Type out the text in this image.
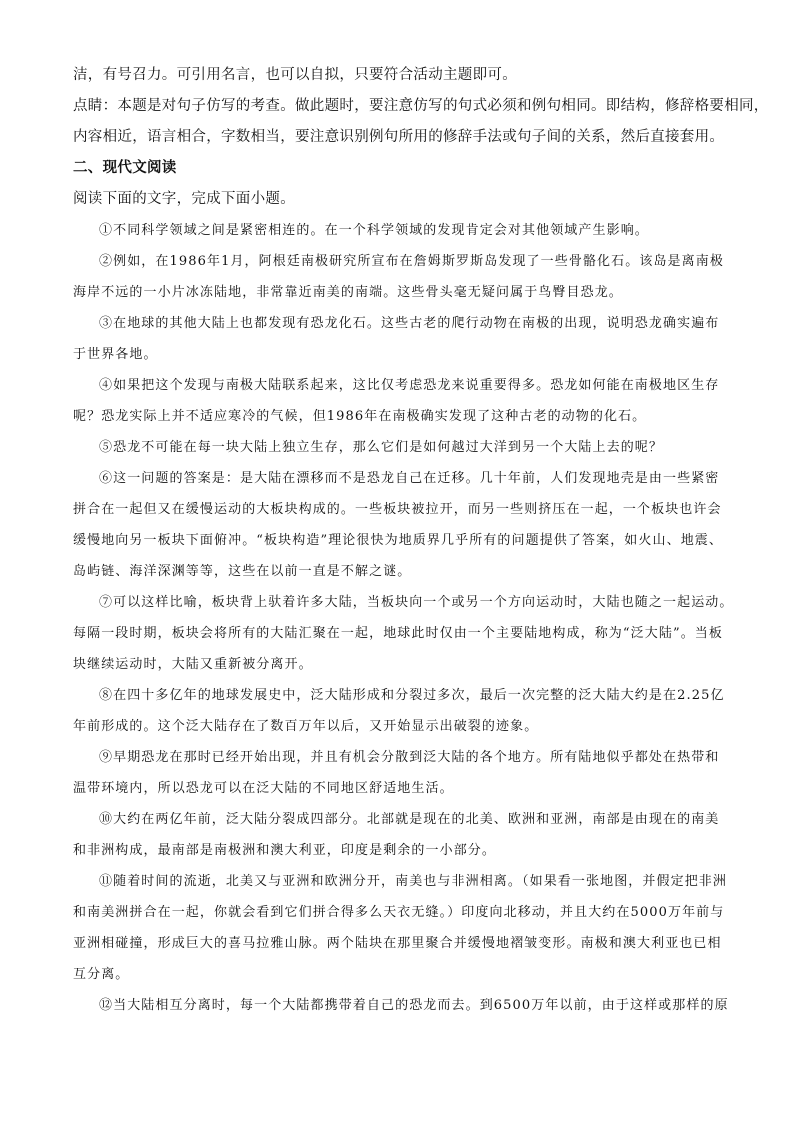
洁，有号召力。可引用名言，也可以自拟，只要符合活动主题即可。
点睛：本题是对句子仿写的考查。做此题时，要注意仿写的句式必须和例句相同。即结构，修辞格要相同，
内容相近，语言相合，字数相当，要注意识别例句所用的修辞手法或句子间的关系，然后直接套用。
二、现代文阅读
阅读下面的文字，完成下面小题。
①不同科学领域之间是紧密相连的。在一个科学领域的发现肯定会对其他领域产生影响。
②例如，在1986年1月，阿根廷南极研究所宣布在詹姆斯罗斯岛发现了一些骨骼化石。该岛是离南极
海岸不远的一小片冰冻陆地，非常靠近南美的南端。这些骨头毫无疑问属于鸟臀目恐龙。
③在地球的其他大陆上也都发现有恐龙化石。这些古老的爬行动物在南极的出现，说明恐龙确实遍布
于世界各地。
④如果把这个发现与南极大陆联系起来，这比仅考虑恐龙来说重要得多。恐龙如何能在南极地区生存
呢？恐龙实际上并不适应寒冷的气候，但1986年在南极确实发现了这种古老的动物的化石。
⑤恐龙不可能在每一块大陆上独立生存，那么它们是如何越过大洋到另一个大陆上去的呢？
⑥这一问题的答案是：是大陆在漂移而不是恐龙自己在迁移。几十年前，人们发现地壳是由一些紧密
拼合在一起但又在缓慢运动的大板块构成的。一些板块被拉开，而另一些则挤压在一起，一个板块也许会
缓慢地向另一板块下面俯冲。“板块构造”理论很快为地质界几乎所有的问题提供了答案，如火山、地震、
岛屿链、海洋深渊等等，这些在以前一直是不解之谜。
⑦可以这样比喻，板块背上驮着许多大陆，当板块向一个或另一个方向运动时，大陆也随之一起运动。
每隔一段时期，板块会将所有的大陆汇聚在一起，地球此时仅由一个主要陆地构成，称为“泛大陆”。当板
块继续运动时，大陆又重新被分离开。
⑧在四十多亿年的地球发展史中，泛大陆形成和分裂过多次，最后一次完整的泛大陆大约是在2.25亿
年前形成的。这个泛大陆存在了数百万年以后，又开始显示出破裂的迹象。
⑨早期恐龙在那时已经开始出现，并且有机会分散到泛大陆的各个地方。所有陆地似乎都处在热带和
温带环境内，所以恐龙可以在泛大陆的不同地区舒适地生活。
⑩大约在两亿年前，泛大陆分裂成四部分。北部就是现在的北美、欧洲和亚洲，南部是由现在的南美
和非洲构成，最南部是南极洲和澳大利亚，印度是剩余的一小部分。
⑪随着时间的流逝，北美又与亚洲和欧洲分开，南美也与非洲相离。（如果看一张地图，并假定把非洲
和南美洲拼合在一起，你就会看到它们拼合得多么天衣无缝。）印度向北移动，并且大约在5000万年前与
亚洲相碰撞，形成巨大的喜马拉雅山脉。两个陆块在那里聚合并缓慢地褶皱变形。南极和澳大利亚也已相
互分离。
⑫当大陆相互分离时，每一个大陆都携带着自己的恐龙而去。到6500万年以前，由于这样或那样的原
